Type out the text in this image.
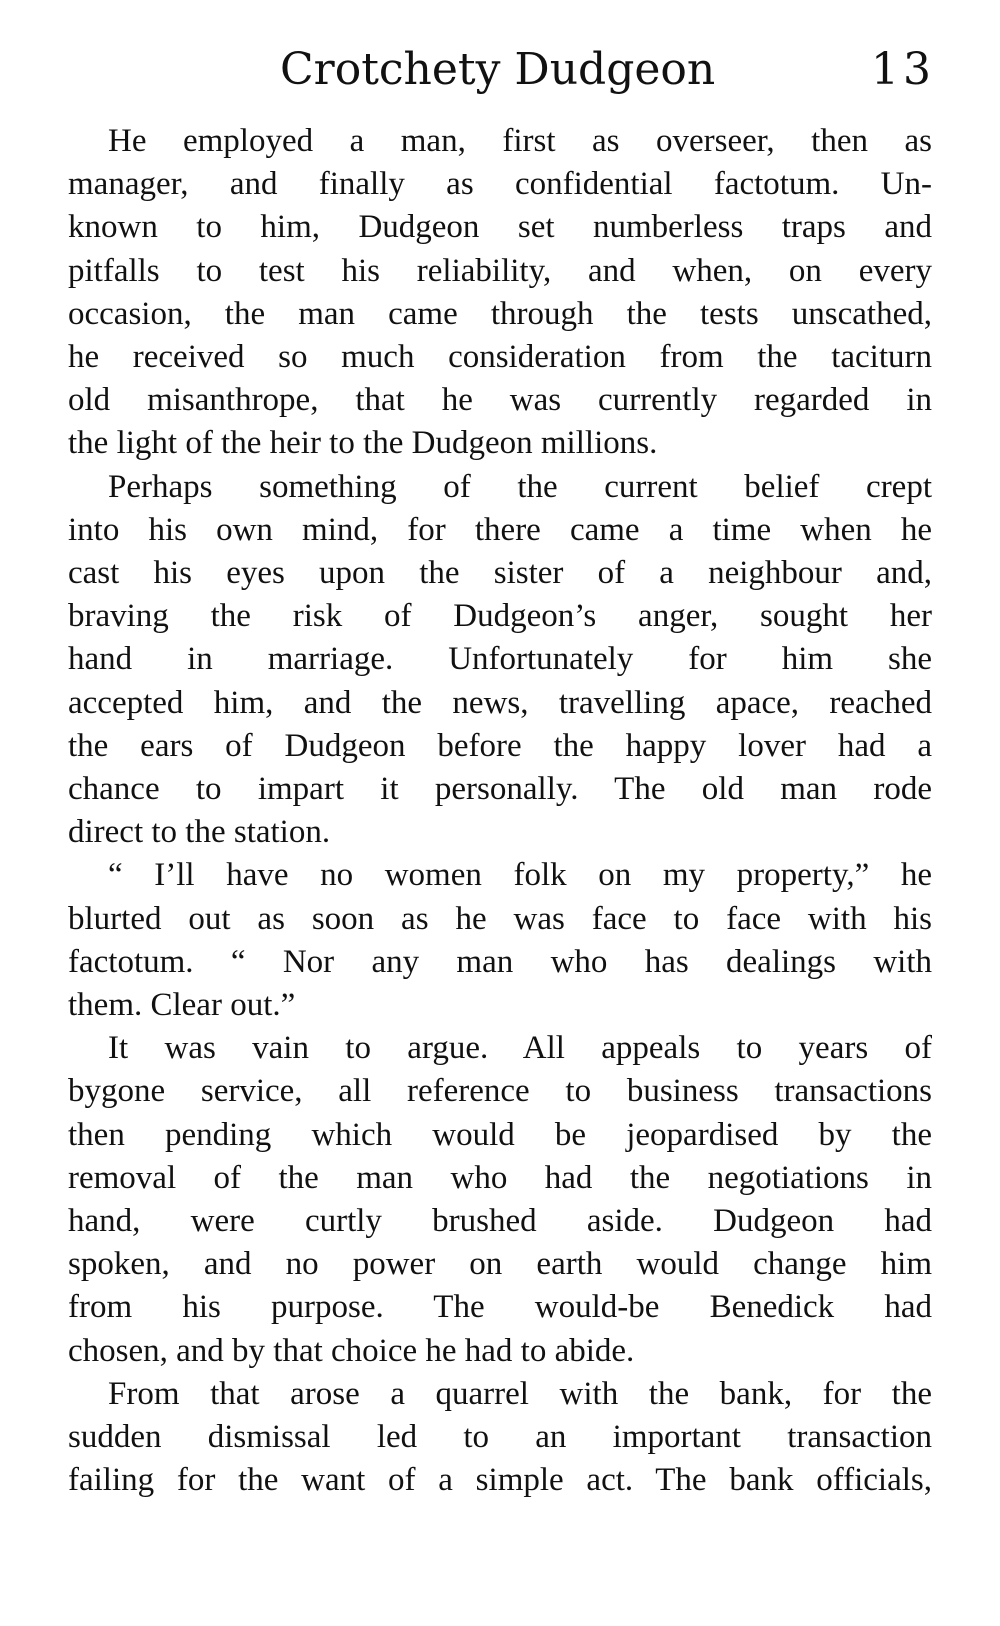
Crotchety Dudgeon	13

He employed a man, first as overseer, then as
manager, and finally as confidential factotum. Un-
known to him, Dudgeon set numberless traps and
pitfalls to test his reliability, and when, on every
occasion, the man came through the tests unscathed,
he received so much consideration from the taciturn
old misanthrope, that he was currently regarded in
the light of the heir to the Dudgeon millions.

Perhaps something of the current belief crept
into his own mind, for there came a time when he
cast his eyes upon the sister of a neighbour and,
braving the risk of Dudgeon’s anger, sought her
hand in marriage. Unfortunately for him she
accepted him, and the news, travelling apace, reached
the ears of Dudgeon before the happy lover had a
chance to impart it personally. The old man rode
direct to the station.

“ I’ll have no women folk on my property,” he
blurted out as soon as he was face to face with his
factotum. “ Nor any man who has dealings with
them. Clear out.”

It was vain to argue. All appeals to years of
bygone service, all reference to business transactions
then pending which would be jeopardised by the
removal of the man who had the negotiations in
hand, were curtly brushed aside. Dudgeon had
spoken, and no power on earth would change him
from his purpose. The would-be Benedick had
chosen, and by that choice he had to abide.

From that arose a quarrel with the bank, for the
sudden dismissal led to an important transaction
failing for the want of a simple act. The bank officials,
